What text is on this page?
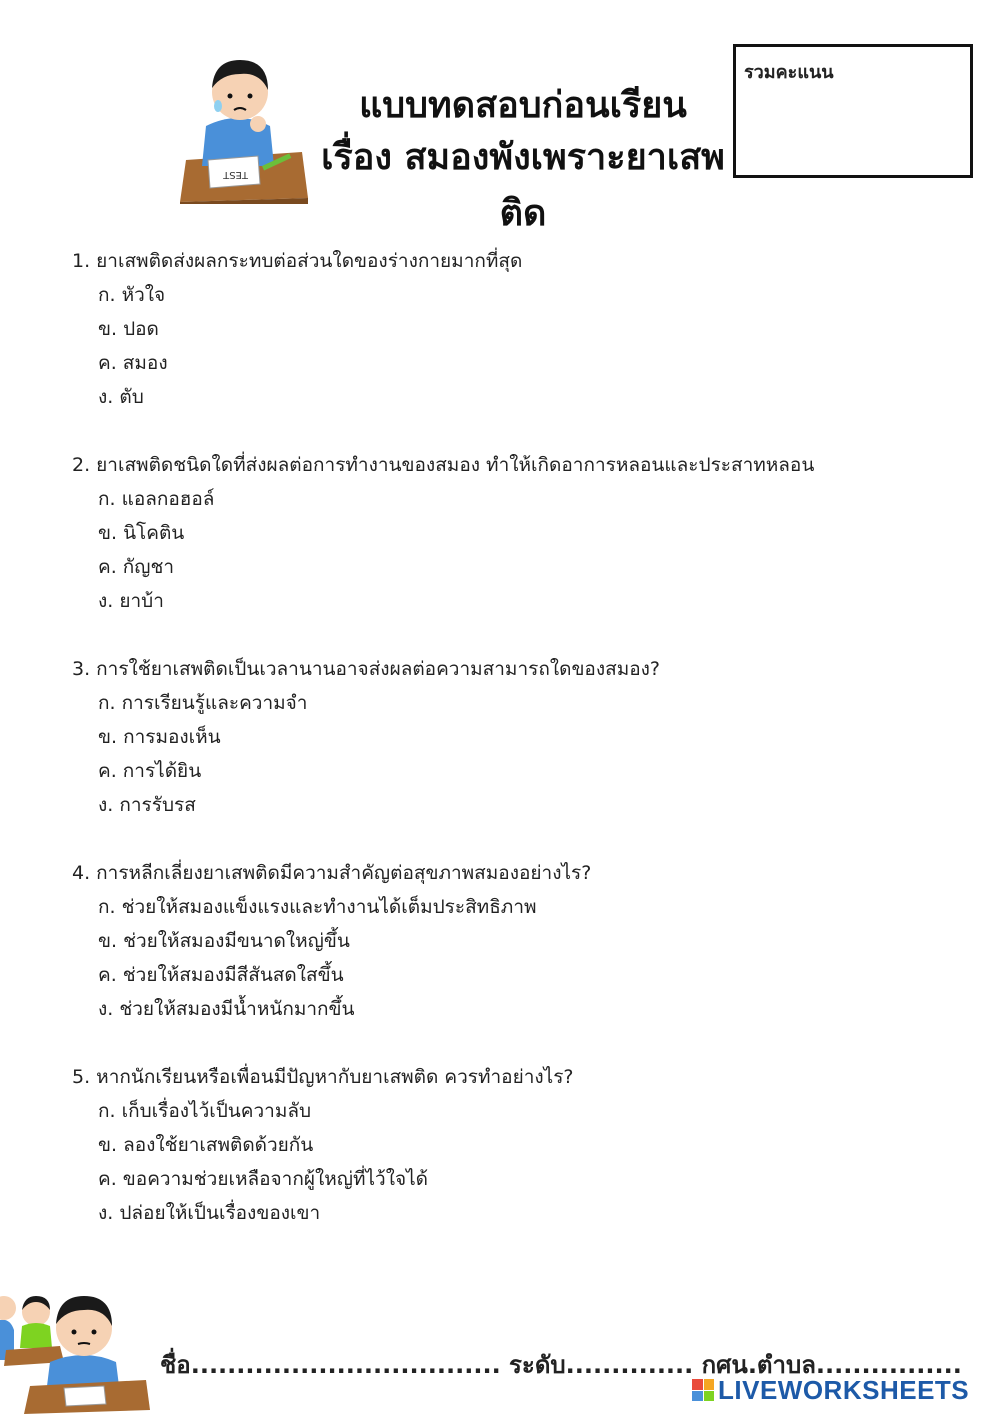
TEST
แบบทดสอบก่อนเรียน
เรื่อง สมองพังเพราะยาเสพติด
รวมคะแนน
1. ยาเสพติดส่งผลกระทบต่อส่วนใดของร่างกายมากที่สุด
ก. หัวใจ
ข. ปอด
ค. สมอง
ง. ตับ
2. ยาเสพติดชนิดใดที่ส่งผลต่อการทำงานของสมอง ทำให้เกิดอาการหลอนและประสาทหลอน
ก. แอลกอฮอล์
ข. นิโคติน
ค. กัญชา
ง. ยาบ้า
3. การใช้ยาเสพติดเป็นเวลานานอาจส่งผลต่อความสามารถใดของสมอง?
ก. การเรียนรู้และความจำ
ข. การมองเห็น
ค. การได้ยิน
ง. การรับรส
4. การหลีกเลี่ยงยาเสพติดมีความสำคัญต่อสุขภาพสมองอย่างไร?
ก. ช่วยให้สมองแข็งแรงและทำงานได้เต็มประสิทธิภาพ
ข. ช่วยให้สมองมีขนาดใหญ่ขึ้น
ค. ช่วยให้สมองมีสีสันสดใสขึ้น
ง. ช่วยให้สมองมีน้ำหนักมากขึ้น
5. หากนักเรียนหรือเพื่อนมีปัญหากับยาเสพติด ควรทำอย่างไร?
ก. เก็บเรื่องไว้เป็นความลับ
ข. ลองใช้ยาเสพติดด้วยกัน
ค. ขอความช่วยเหลือจากผู้ใหญ่ที่ไว้ใจได้
ง. ปล่อยให้เป็นเรื่องของเขา
ชื่อ.................................. ระดับ.............. กศน.ตำบล................
LIVEWORKSHEETS
